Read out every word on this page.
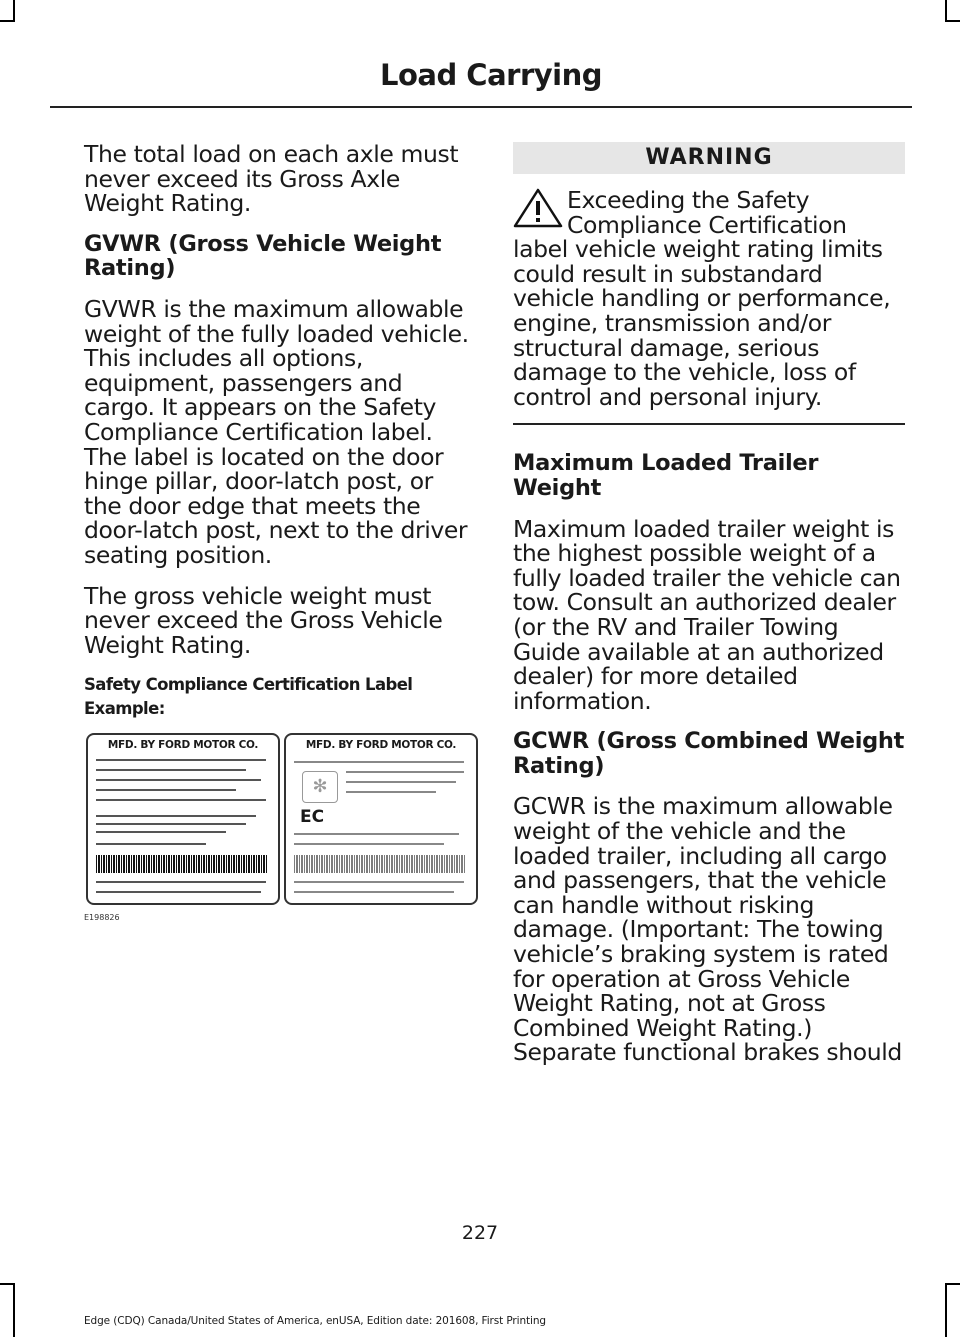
Load Carrying

The total load on each axle must never exceed its Gross Axle Weight Rating.

GVWR (Gross Vehicle Weight Rating)

GVWR is the maximum allowable weight of the fully loaded vehicle. This includes all options, equipment, passengers and cargo. It appears on the Safety Compliance Certification label. The label is located on the door hinge pillar, door-latch post, or the door edge that meets the door-latch post, next to the driver seating position.

The gross vehicle weight must never exceed the Gross Vehicle Weight Rating.

Safety Compliance Certification Label
Example:
MFD. BY FORD MOTOR CO.	MFD. BY FORD MOTOR CO.
✻
EC
E198826
WARNING
Exceeding the Safety Compliance Certification label vehicle weight rating limits could result in substandard vehicle handling or performance, engine, transmission and/or structural damage, serious damage to the vehicle, loss of control and personal injury.
Maximum Loaded Trailer Weight

Maximum loaded trailer weight is the highest possible weight of a fully loaded trailer the vehicle can tow. Consult an authorized dealer (or the RV and Trailer Towing Guide available at an authorized dealer) for more detailed information.

GCWR (Gross Combined Weight Rating)

GCWR is the maximum allowable weight of the vehicle and the loaded trailer, including all cargo and passengers, that the vehicle can handle without risking damage. (Important: The towing vehicle’s braking system is rated for operation at Gross Vehicle Weight Rating, not at Gross Combined Weight Rating.) Separate functional brakes should

227
Edge (CDQ) Canada/United States of America, enUSA, Edition date: 201608, First Printing
